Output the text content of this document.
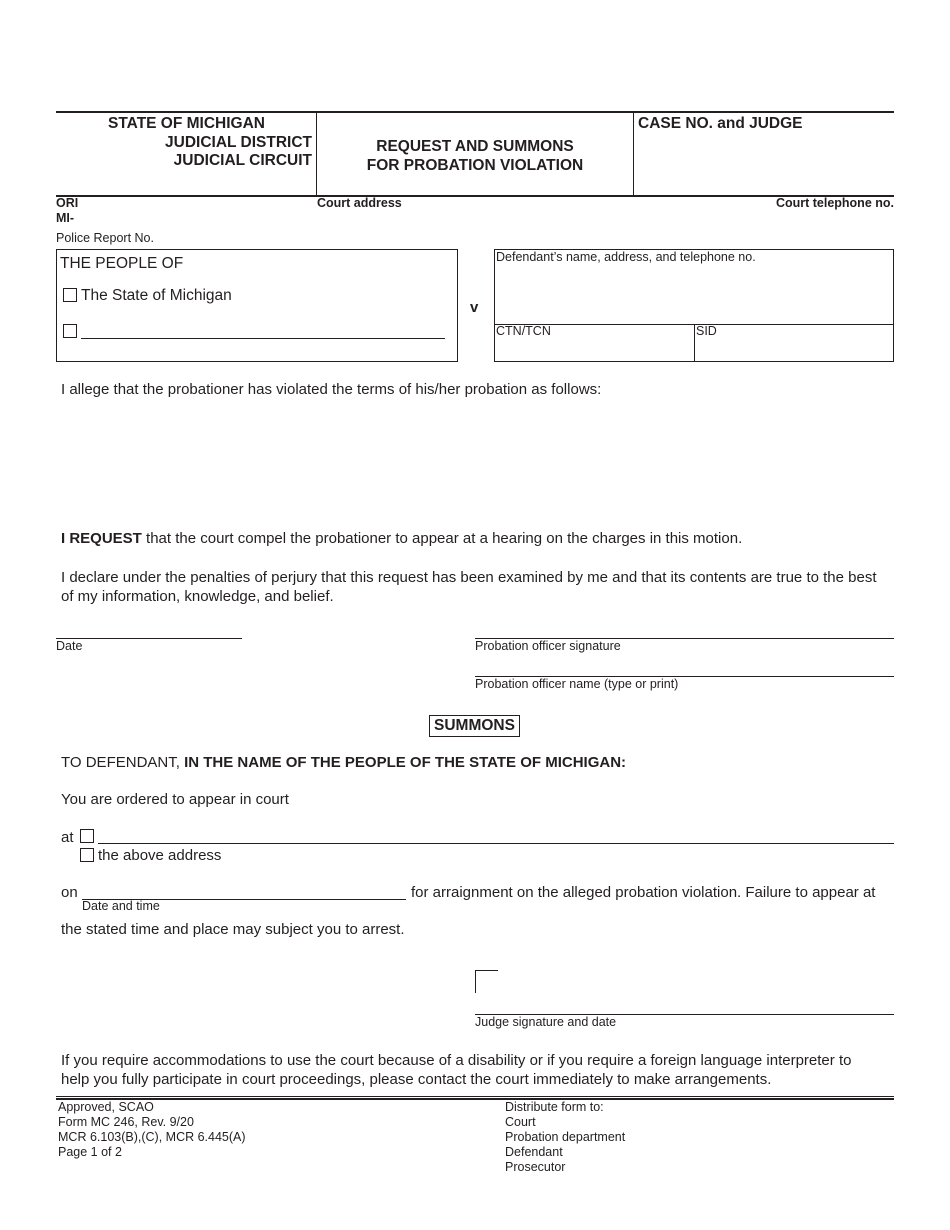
STATE OF MICHIGAN
JUDICIAL DISTRICT
JUDICIAL CIRCUIT
REQUEST AND SUMMONS
FOR PROBATION VIOLATION
CASE NO. and JUDGE
ORI
MI-
Court address	Court telephone no.
Police Report No.
THE PEOPLE OF
The State of Michigan
v
Defendant’s name, address, and telephone no.
CTN/TCN	SID
I allege that the probationer has violated the terms of his/her probation as follows:
I REQUEST that the court compel the probationer to appear at a hearing on the charges in this motion.
I declare under the penalties of perjury that this request has been examined by me and that its contents are true to the best
of my information, knowledge, and belief.
Date	Probation officer signature
Probation officer name (type or print)
SUMMONS
TO DEFENDANT, IN THE NAME OF THE PEOPLE OF THE STATE OF MICHIGAN:
You are ordered to appear in court
at
the above address
on
Date and time
for arraignment on the alleged probation violation. Failure to appear at
the stated time and place may subject you to arrest.
Judge signature and date
If you require accommodations to use the court because of a disability or if you require a foreign language interpreter to
help you fully participate in court proceedings, please contact the court immediately to make arrangements.
Approved, SCAO
Form MC 246, Rev. 9/20
MCR 6.103(B),(C), MCR 6.445(A)
Page 1 of 2
Distribute form to:
Court
Probation department
Defendant
Prosecutor
